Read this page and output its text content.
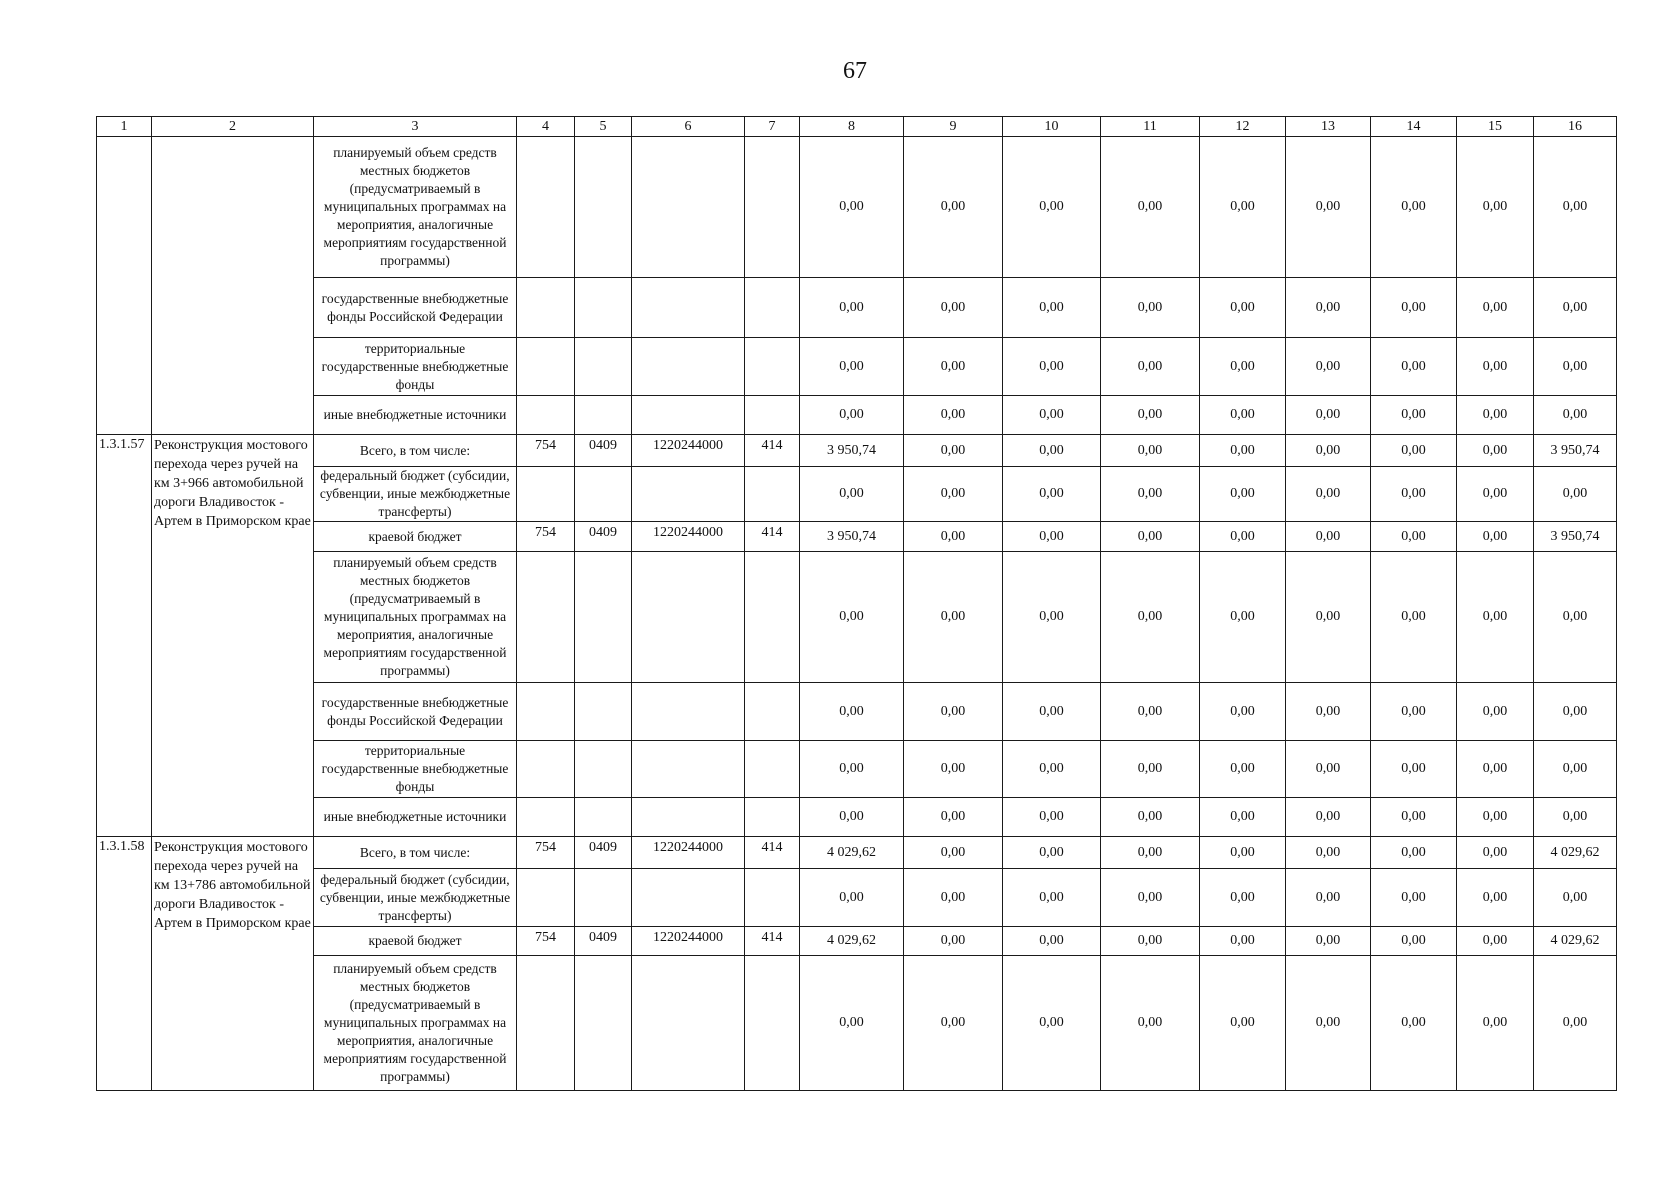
67
1	2	3	4	5	6	7	8	9	10	11	12	13	14	15	16
		планируемый объем средств местных бюджетов (предусматриваемый в муниципальных программах на мероприятия, аналогичные мероприятиям государственной программы)					0,00	0,00	0,00	0,00	0,00	0,00	0,00	0,00	0,00
		государственные внебюджетные фонды Российской Федерации					0,00	0,00	0,00	0,00	0,00	0,00	0,00	0,00	0,00
		территориальные государственные внебюджетные фонды					0,00	0,00	0,00	0,00	0,00	0,00	0,00	0,00	0,00
		иные внебюджетные источники					0,00	0,00	0,00	0,00	0,00	0,00	0,00	0,00	0,00
1.3.1.57	Реконструкция мостового перехода через ручей на км 3+966 автомобильной дороги Владивосток - Артем в Приморском крае	Всего, в том числе:	754	0409	1220244000	414	3 950,74	0,00	0,00	0,00	0,00	0,00	0,00	0,00	3 950,74
		федеральный бюджет (субсидии, субвенции, иные межбюджетные трансферты)					0,00	0,00	0,00	0,00	0,00	0,00	0,00	0,00	0,00
		краевой бюджет	754	0409	1220244000	414	3 950,74	0,00	0,00	0,00	0,00	0,00	0,00	0,00	3 950,74
		планируемый объем средств местных бюджетов (предусматриваемый в муниципальных программах на мероприятия, аналогичные мероприятиям государственной программы)					0,00	0,00	0,00	0,00	0,00	0,00	0,00	0,00	0,00
		государственные внебюджетные фонды Российской Федерации					0,00	0,00	0,00	0,00	0,00	0,00	0,00	0,00	0,00
		территориальные государственные внебюджетные фонды					0,00	0,00	0,00	0,00	0,00	0,00	0,00	0,00	0,00
		иные внебюджетные источники					0,00	0,00	0,00	0,00	0,00	0,00	0,00	0,00	0,00
1.3.1.58	Реконструкция мостового перехода через ручей на км 13+786 автомобильной дороги Владивосток - Артем в Приморском крае	Всего, в том числе:	754	0409	1220244000	414	4 029,62	0,00	0,00	0,00	0,00	0,00	0,00	0,00	4 029,62
		федеральный бюджет (субсидии, субвенции, иные межбюджетные трансферты)					0,00	0,00	0,00	0,00	0,00	0,00	0,00	0,00	0,00
		краевой бюджет	754	0409	1220244000	414	4 029,62	0,00	0,00	0,00	0,00	0,00	0,00	0,00	4 029,62
		планируемый объем средств местных бюджетов (предусматриваемый в муниципальных программах на мероприятия, аналогичные мероприятиям государственной программы)					0,00	0,00	0,00	0,00	0,00	0,00	0,00	0,00	0,00
